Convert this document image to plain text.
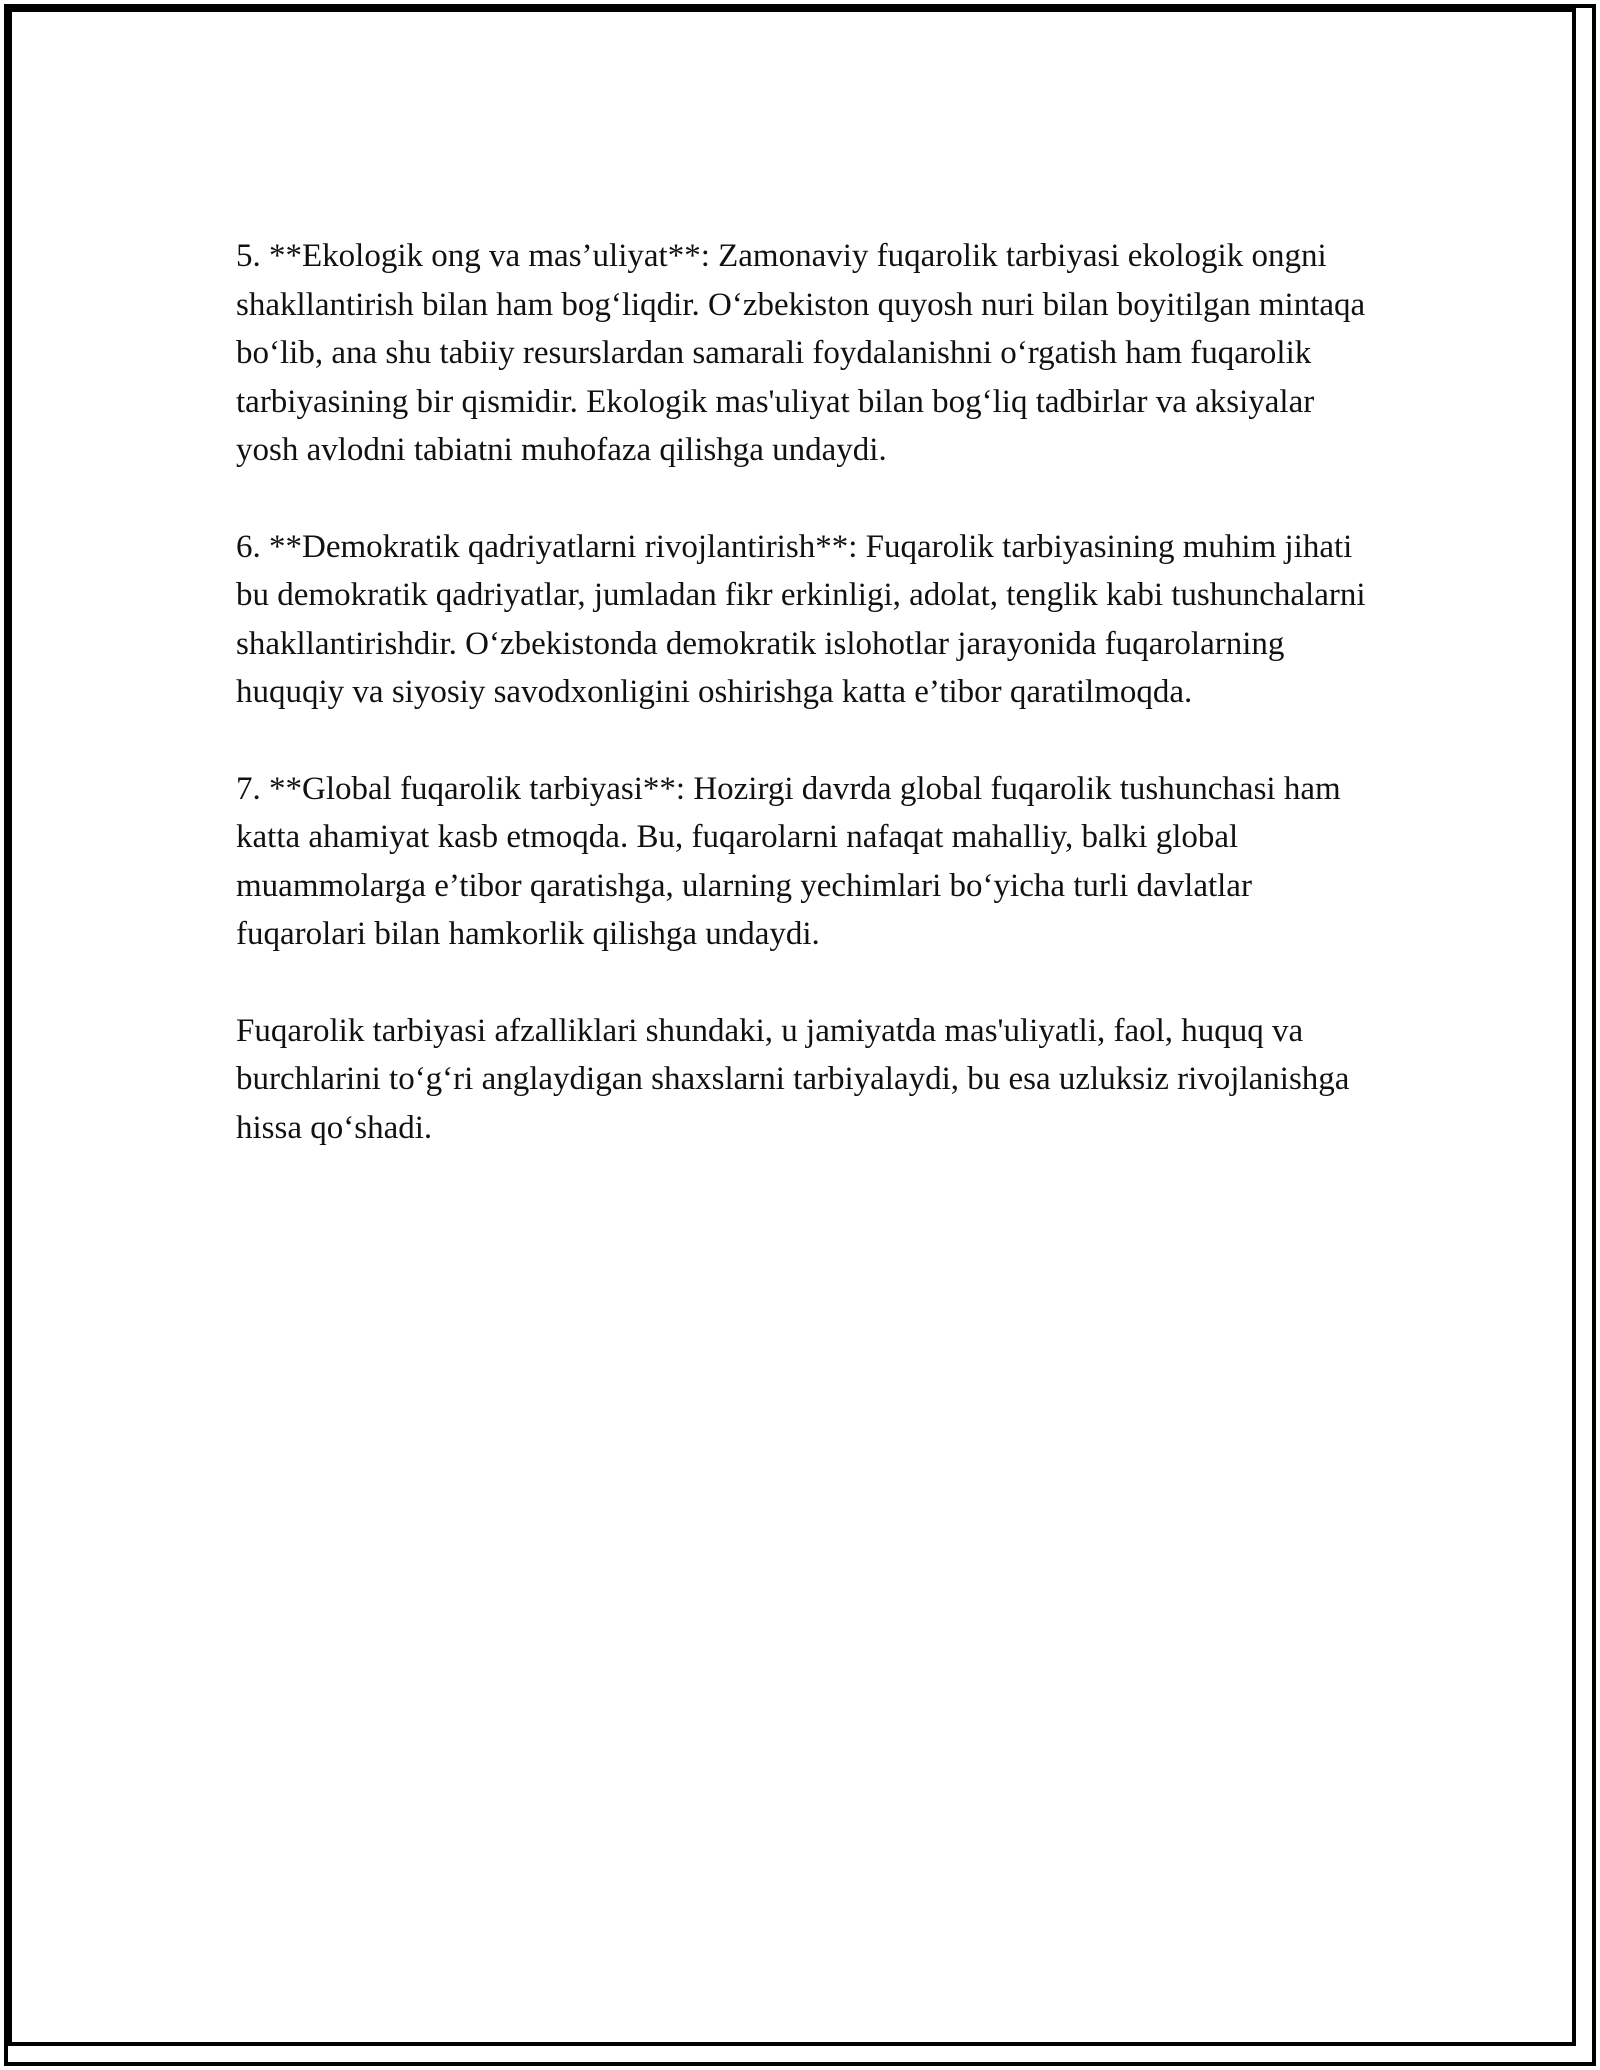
5. **Ekologik ong va mas’uliyat**: Zamonaviy fuqarolik tarbiyasi ekologik ongni shakllantirish bilan ham bog‘liqdir. O‘zbekiston quyosh nuri bilan boyitilgan mintaqa bo‘lib, ana shu tabiiy resurslardan samarali foydalanishni o‘rgatish ham fuqarolik tarbiyasining bir qismidir. Ekologik mas'uliyat bilan bog‘liq tadbirlar va aksiyalar yosh avlodni tabiatni muhofaza qilishga undaydi.

6. **Demokratik qadriyatlarni rivojlantirish**: Fuqarolik tarbiyasining muhim jihati bu demokratik qadriyatlar, jumladan fikr erkinligi, adolat, tenglik kabi tushunchalarni shakllantirishdir. O‘zbekistonda demokratik islohotlar jarayonida fuqarolarning huquqiy va siyosiy savodxonligini oshirishga katta e’tibor qaratilmoqda.

7. **Global fuqarolik tarbiyasi**: Hozirgi davrda global fuqarolik tushunchasi ham katta ahamiyat kasb etmoqda. Bu, fuqarolarni nafaqat mahalliy, balki global muammolarga e’tibor qaratishga, ularning yechimlari bo‘yicha turli davlatlar fuqarolari bilan hamkorlik qilishga undaydi.

Fuqarolik tarbiyasi afzalliklari shundaki, u jamiyatda mas'uliyatli, faol, huquq va burchlarini to‘g‘ri anglaydigan shaxslarni tarbiyalaydi, bu esa uzluksiz rivojlanishga hissa qo‘shadi.
